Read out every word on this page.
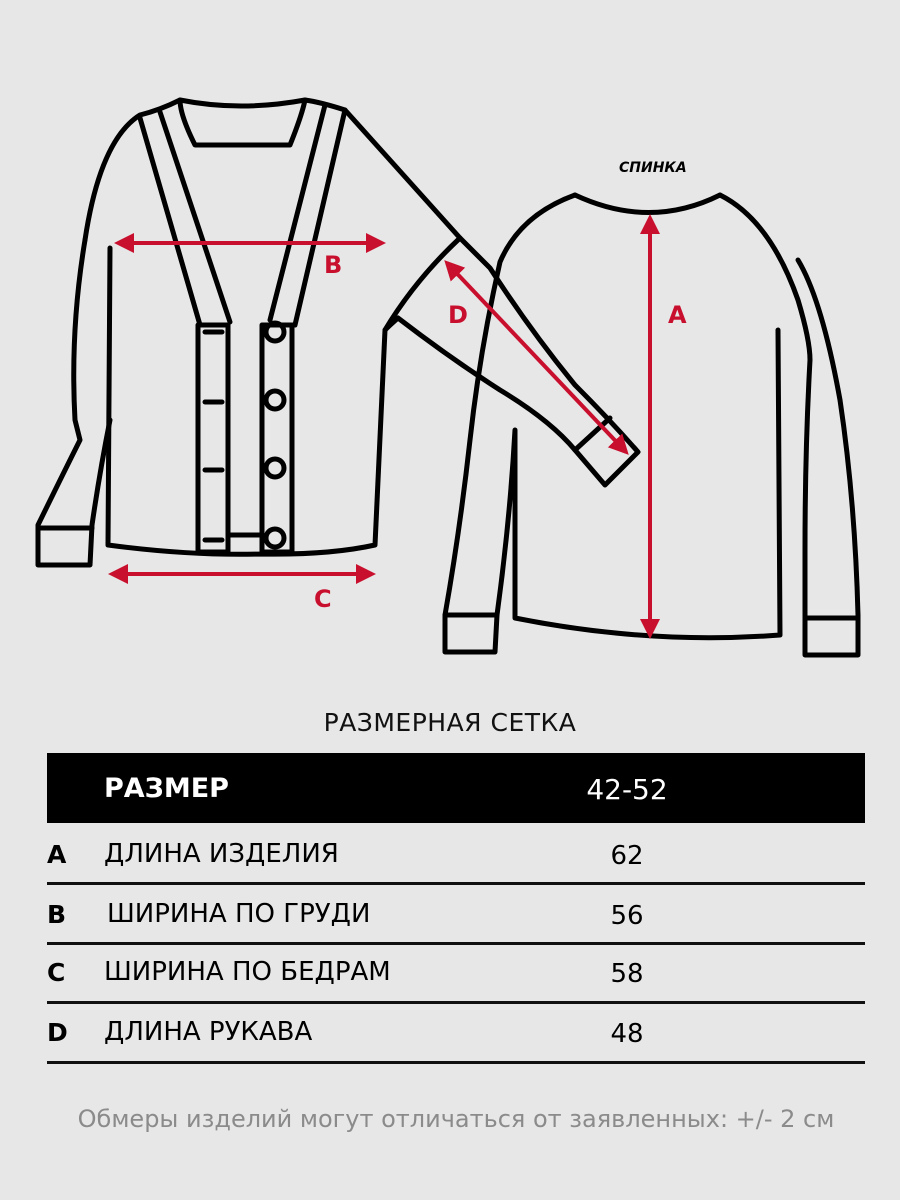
B
C
A
D
СПИНКА
РАЗМЕРНАЯ СЕТКА
РАЗМЕР	42-52
A ДЛИНА ИЗДЕЛИЯ	62
B ШИРИНА ПО ГРУДИ	56
C ШИРИНА ПО БЕДРАМ	58
D ДЛИНА РУКАВА	48
Обмеры изделий могут отличаться от заявленных: +/- 2 см
